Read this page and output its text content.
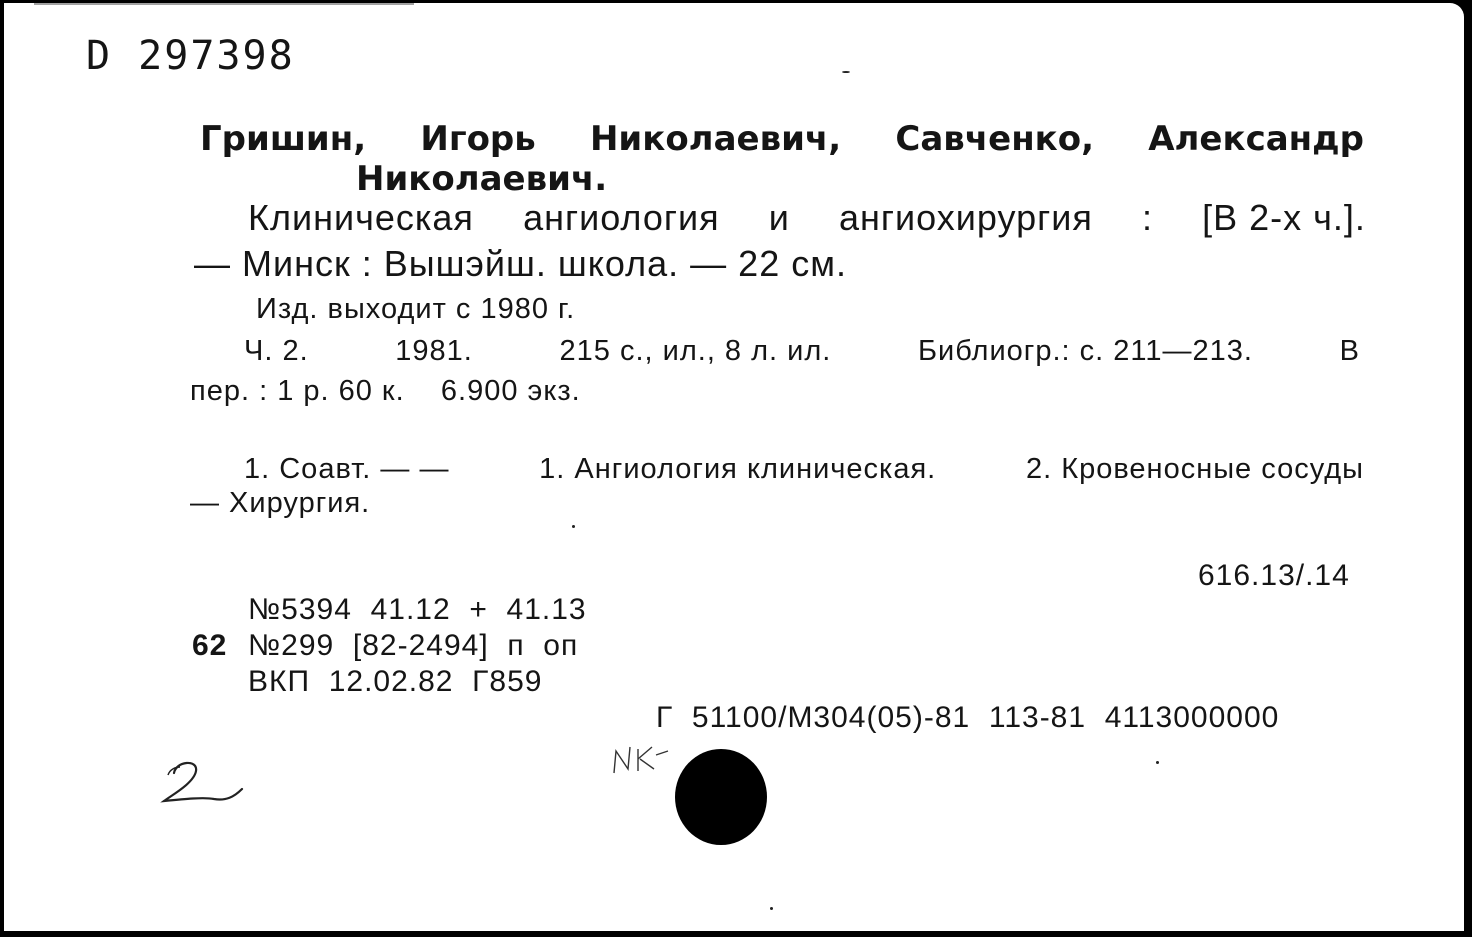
D 297398
Гришин, Игорь Николаевич, Савченко, Александр
Николаевич.
Клиническая ангиология и ангиохирургия : [В 2-х ч.].
— Минск : Вышэйш. школа. — 22 см.
Изд. выходит с 1980 г.
Ч. 2.	1981.	215 с., ил., 8 л. ил.	Библиогр.: с. 211—213.	В
пер. : 1 р. 60 к.    6.900 экз.
1. Соавт. — —	1. Ангиология клиническая.	2. Кровеносные сосуды
— Хирургия.
616.13/.14
№5394  41.12  +  41.13
62 №299  [82-2494]  п  оп
ВКП  12.02.82  Г859
Г  51100/М304(05)-81  113-81  4113000000
